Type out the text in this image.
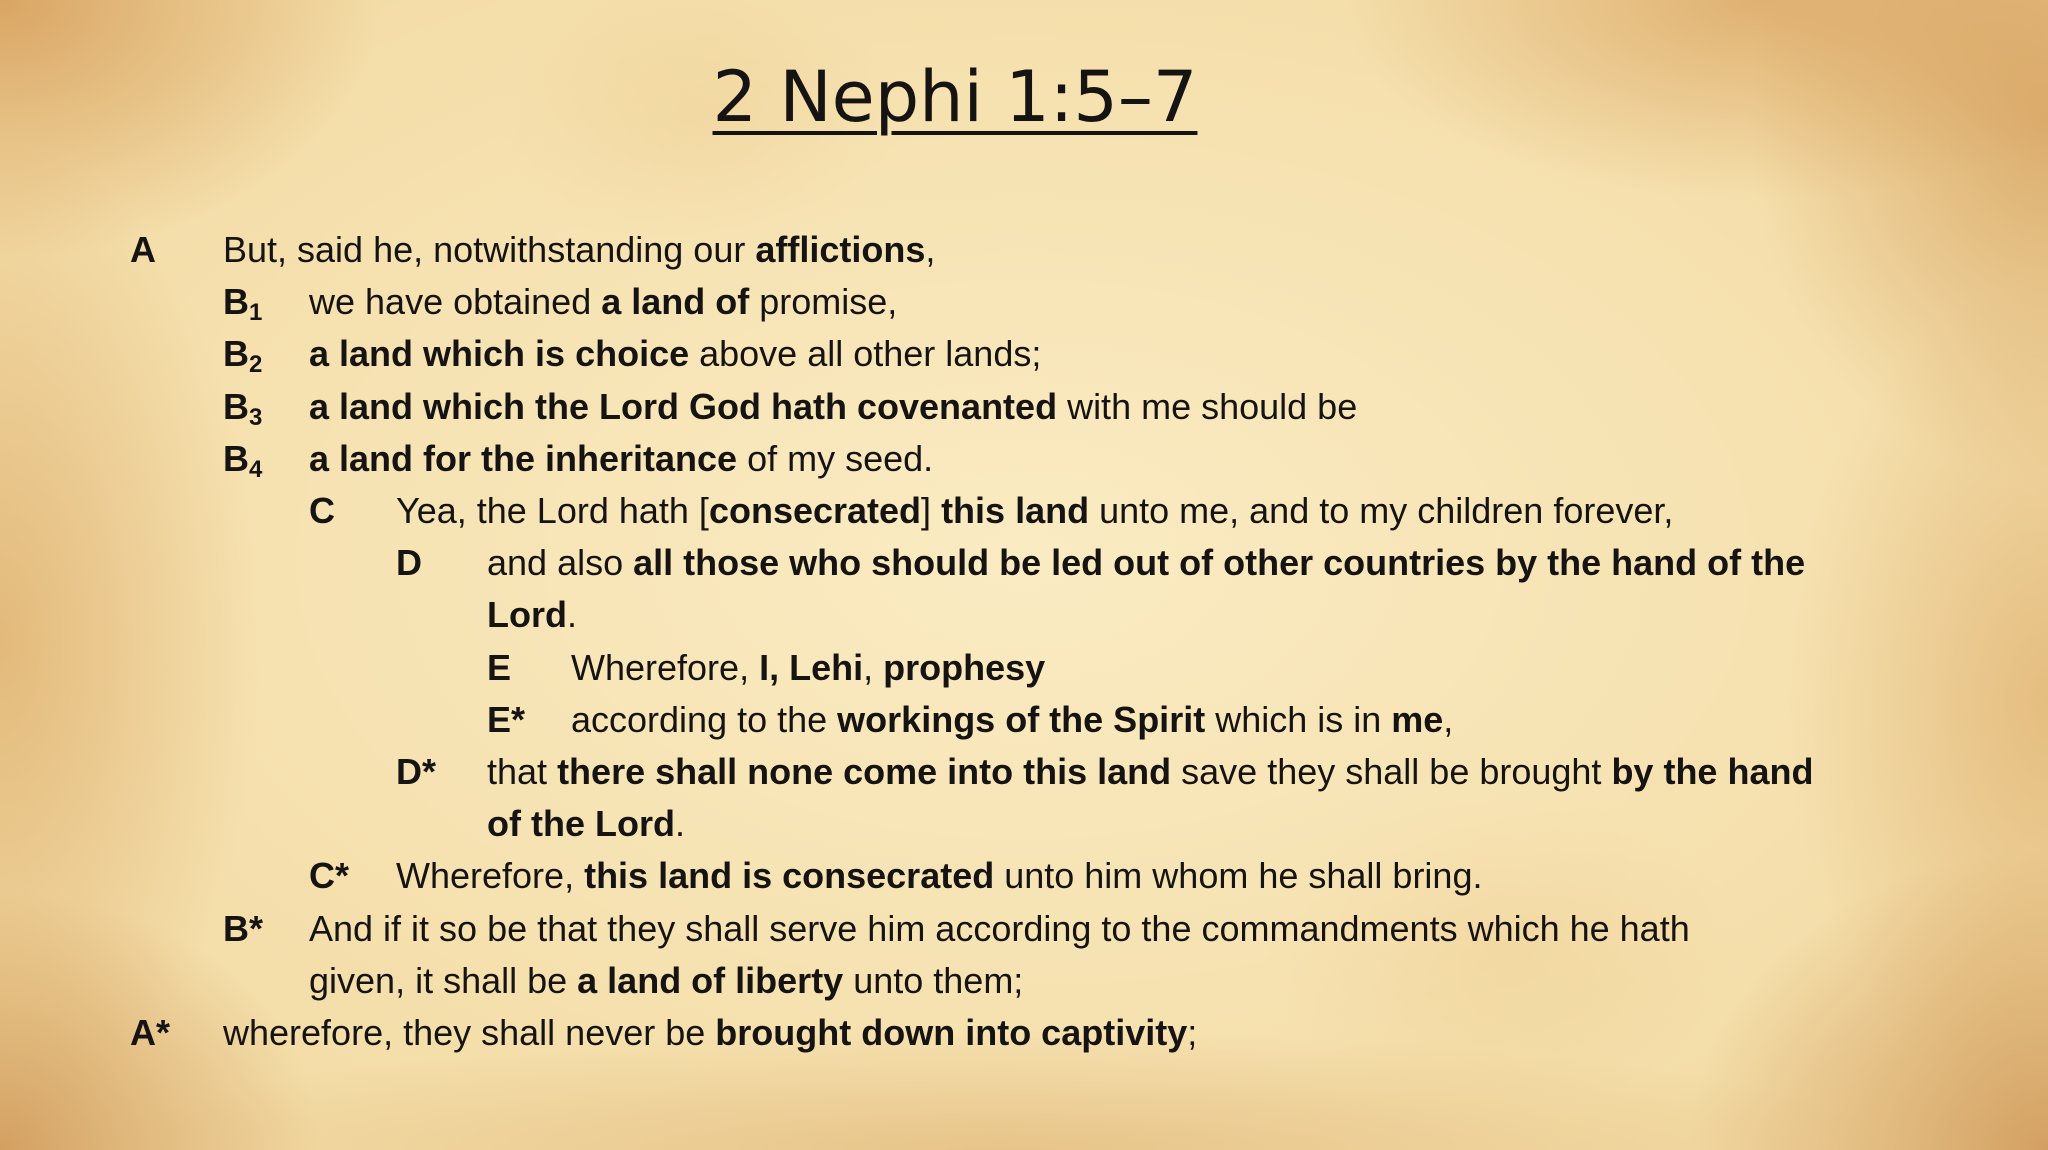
2 Nephi 1:5–7
A But, said he, notwithstanding our afflictions,
$B_1$ we have obtained a land of promise,
$B_2$ a land which is choice above all other lands;
$B_3$ a land which the Lord God hath covenanted with me should be
$B_4$ a land for the inheritance of my seed.
C Yea, the Lord hath [consecrated] this land unto me, and to my children forever,
D and also all those who should be led out of other countries by the hand of the
Lord.
E Wherefore, I, Lehi, prophesy
E* according to the workings of the Spirit which is in me,
D* that there shall none come into this land save they shall be brought by the hand
of the Lord.
C* Wherefore, this land is consecrated unto him whom he shall bring.
B* And if it so be that they shall serve him according to the commandments which he hath
given, it shall be a land of liberty unto them;
A* wherefore, they shall never be brought down into captivity;
